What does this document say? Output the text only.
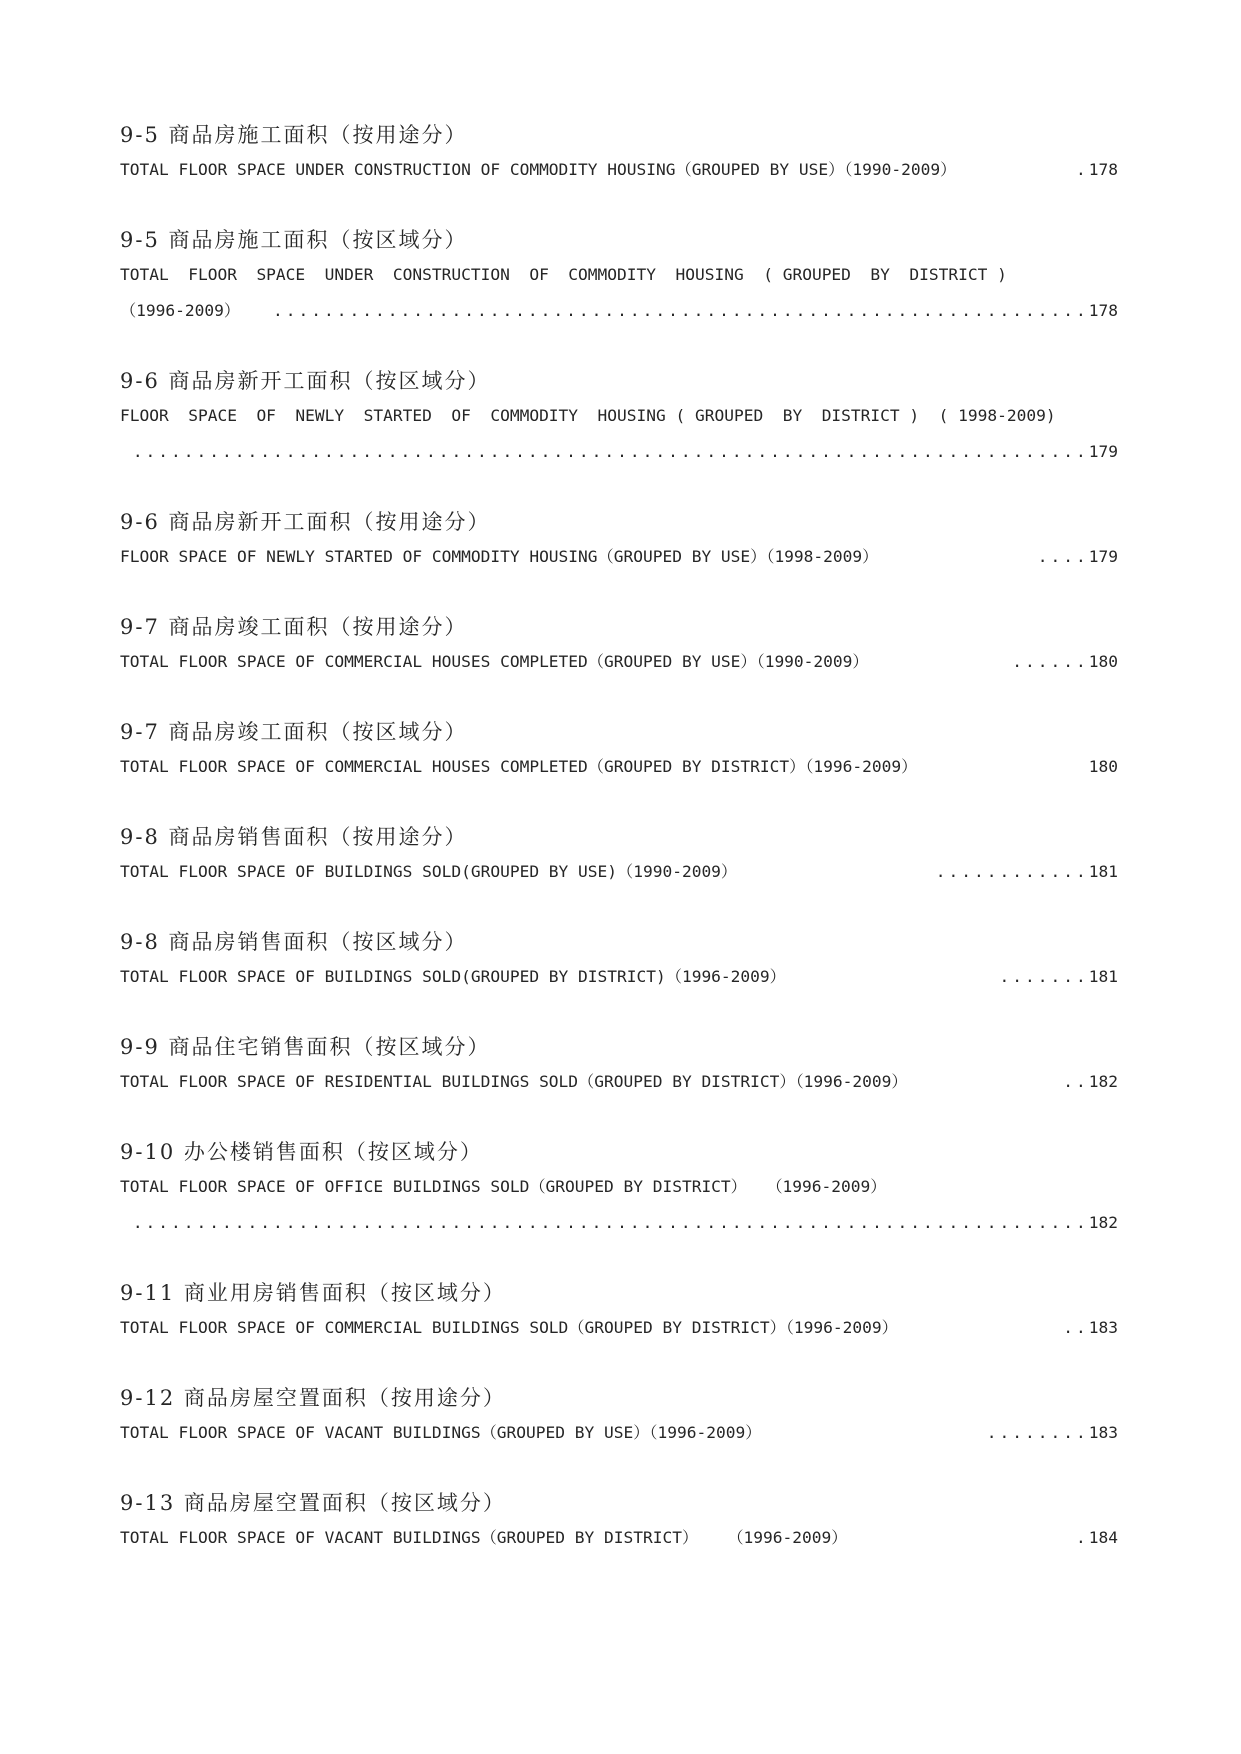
9-5 商品房施工面积（按用途分）
TOTAL FLOOR SPACE UNDER CONSTRUCTION OF COMMODITY HOUSING（GROUPED BY USE）（1990-2009）	. 178
9-5 商品房施工面积（按区域分）
TOTAL  FLOOR  SPACE  UNDER  CONSTRUCTION  OF  COMMODITY  HOUSING  ( GROUPED  BY  DISTRICT )
（1996-2009）	................................................................ 178
9-6 商品房新开工面积（按区域分）
FLOOR  SPACE  OF  NEWLY  STARTED  OF  COMMODITY  HOUSING ( GROUPED  BY  DISTRICT )  ( 1998-2009)
........................................................................... 179
9-6 商品房新开工面积（按用途分）
FLOOR SPACE OF NEWLY STARTED OF COMMODITY HOUSING（GROUPED BY USE）（1998-2009）	.... 179
9-7 商品房竣工面积（按用途分）
TOTAL FLOOR SPACE OF COMMERCIAL HOUSES COMPLETED（GROUPED BY USE）（1990-2009）	...... 180
9-7 商品房竣工面积（按区域分）
TOTAL FLOOR SPACE OF COMMERCIAL HOUSES COMPLETED（GROUPED BY DISTRICT）（1996-2009）	180
9-8 商品房销售面积（按用途分）
TOTAL FLOOR SPACE OF BUILDINGS SOLD(GROUPED BY USE)（1990-2009）	............ 181
9-8 商品房销售面积（按区域分）
TOTAL FLOOR SPACE OF BUILDINGS SOLD(GROUPED BY DISTRICT)（1996-2009）	....... 181
9-9 商品住宅销售面积（按区域分）
TOTAL FLOOR SPACE OF RESIDENTIAL BUILDINGS SOLD（GROUPED BY DISTRICT）（1996-2009）	.. 182
9-10 办公楼销售面积（按区域分）
TOTAL FLOOR SPACE OF OFFICE BUILDINGS SOLD（GROUPED BY DISTRICT）  （1996-2009）
........................................................................... 182
9-11 商业用房销售面积（按区域分）
TOTAL FLOOR SPACE OF COMMERCIAL BUILDINGS SOLD（GROUPED BY DISTRICT）（1996-2009）	.. 183
9-12 商品房屋空置面积（按用途分）
TOTAL FLOOR SPACE OF VACANT BUILDINGS（GROUPED BY USE）（1996-2009）	........ 183
9-13 商品房屋空置面积（按区域分）
TOTAL FLOOR SPACE OF VACANT BUILDINGS（GROUPED BY DISTRICT）   （1996-2009）	. 184
